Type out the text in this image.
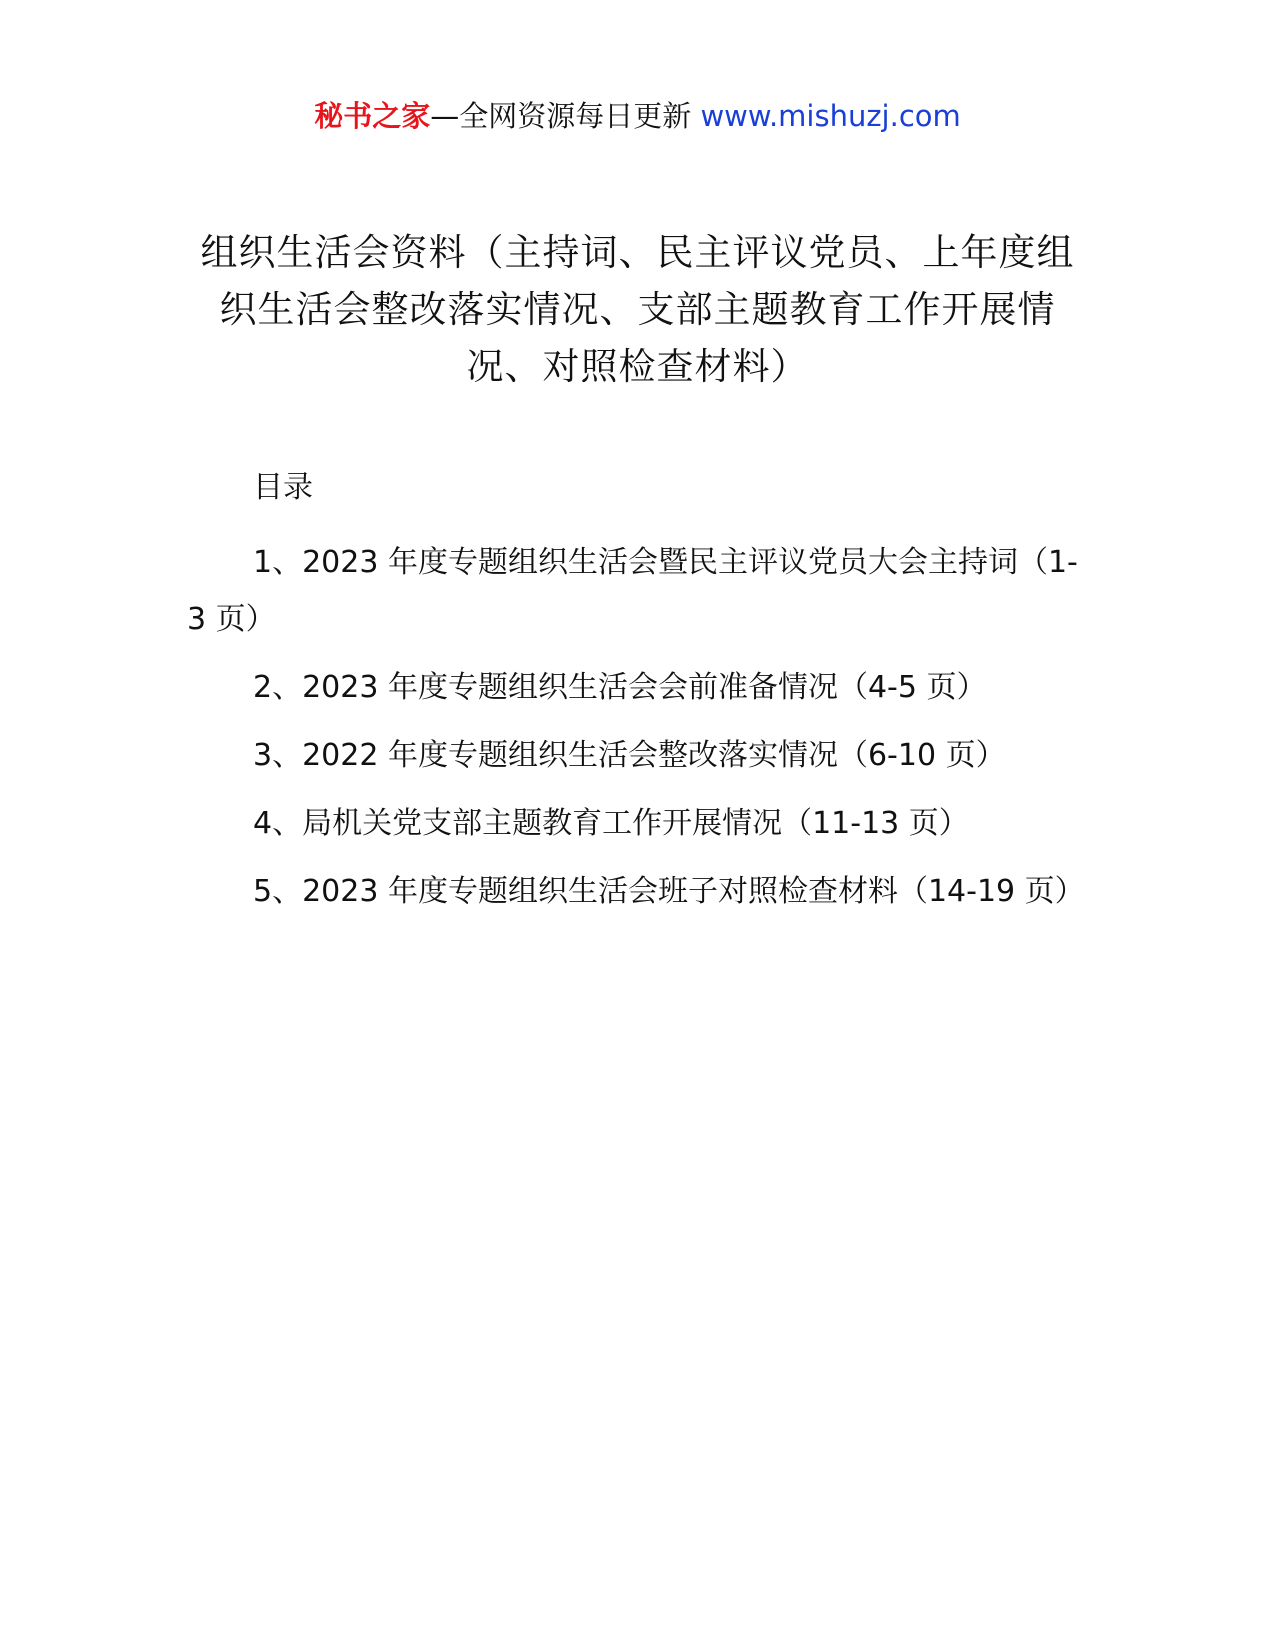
秘书之家—全网资源每日更新 www.mishuzj.com
组织生活会资料（主持词、民主评议党员、上年度组织生活会整改落实情况、支部主题教育工作开展情况、对照检查材料）

目录

1、2023 年度专题组织生活会暨民主评议党员大会主持词（1-3 页）

2、2023 年度专题组织生活会会前准备情况（4-5 页）

3、2022 年度专题组织生活会整改落实情况（6-10 页）

4、局机关党支部主题教育工作开展情况（11-13 页）

5、2023 年度专题组织生活会班子对照检查材料（14-19 页）
